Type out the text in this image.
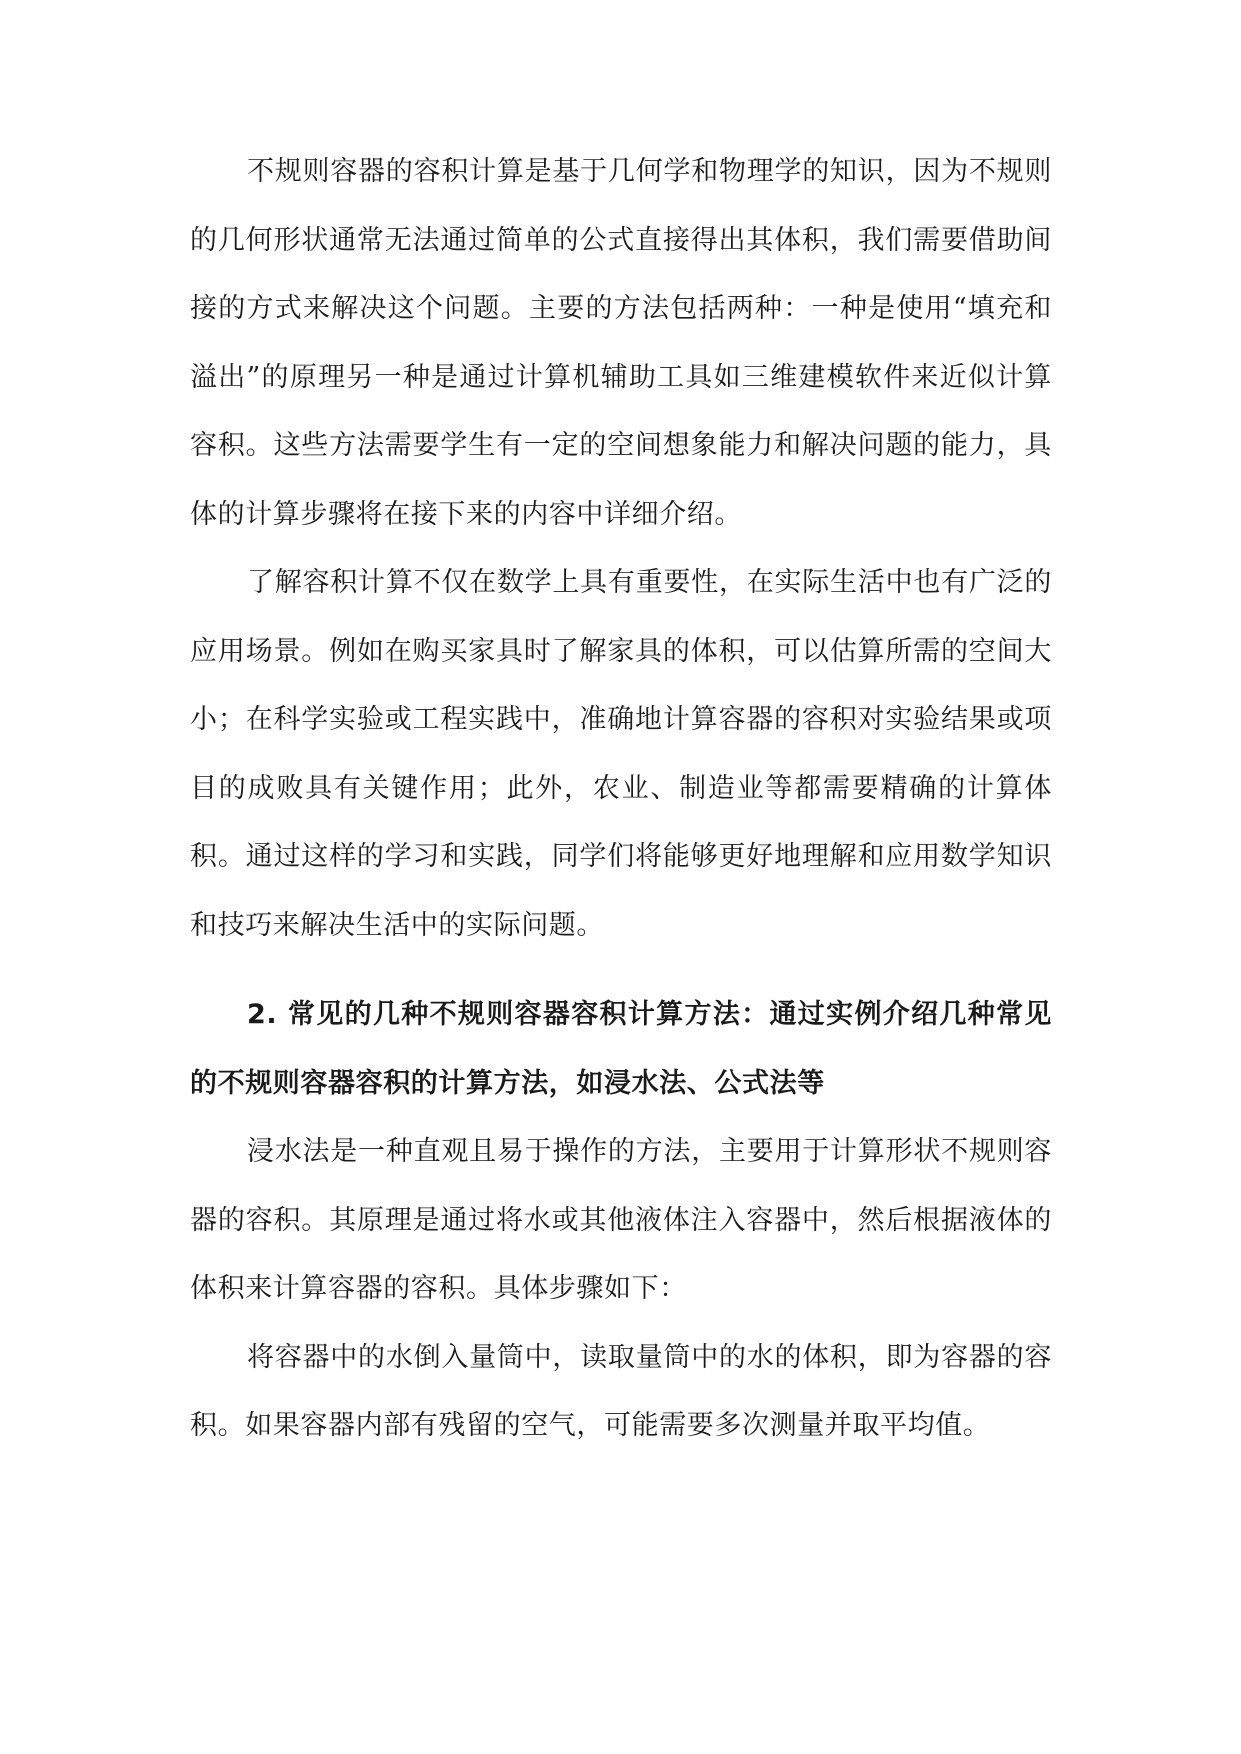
不规则容器的容积计算是基于几何学和物理学的知识，因为不规则的几何形状通常无法通过简单的公式直接得出其体积，我们需要借助间接的方式来解决这个问题。主要的方法包括两种：一种是使用“填充和溢出”的原理另一种是通过计算机辅助工具如三维建模软件来近似计算容积。这些方法需要学生有一定的空间想象能力和解决问题的能力，具体的计算步骤将在接下来的内容中详细介绍。

了解容积计算不仅在数学上具有重要性，在实际生活中也有广泛的应用场景。例如在购买家具时了解家具的体积，可以估算所需的空间大小；在科学实验或工程实践中，准确地计算容器的容积对实验结果或项目的成败具有关键作用；此外，农业、制造业等都需要精确的计算体积。通过这样的学习和实践，同学们将能够更好地理解和应用数学知识和技巧来解决生活中的实际问题。

2. 常见的几种不规则容器容积计算方法：通过实例介绍几种常见的不规则容器容积的计算方法，如浸水法、公式法等

浸水法是一种直观且易于操作的方法，主要用于计算形状不规则容器的容积。其原理是通过将水或其他液体注入容器中，然后根据液体的体积来计算容器的容积。具体步骤如下：

将容器中的水倒入量筒中，读取量筒中的水的体积，即为容器的容积。如果容器内部有残留的空气，可能需要多次测量并取平均值。
